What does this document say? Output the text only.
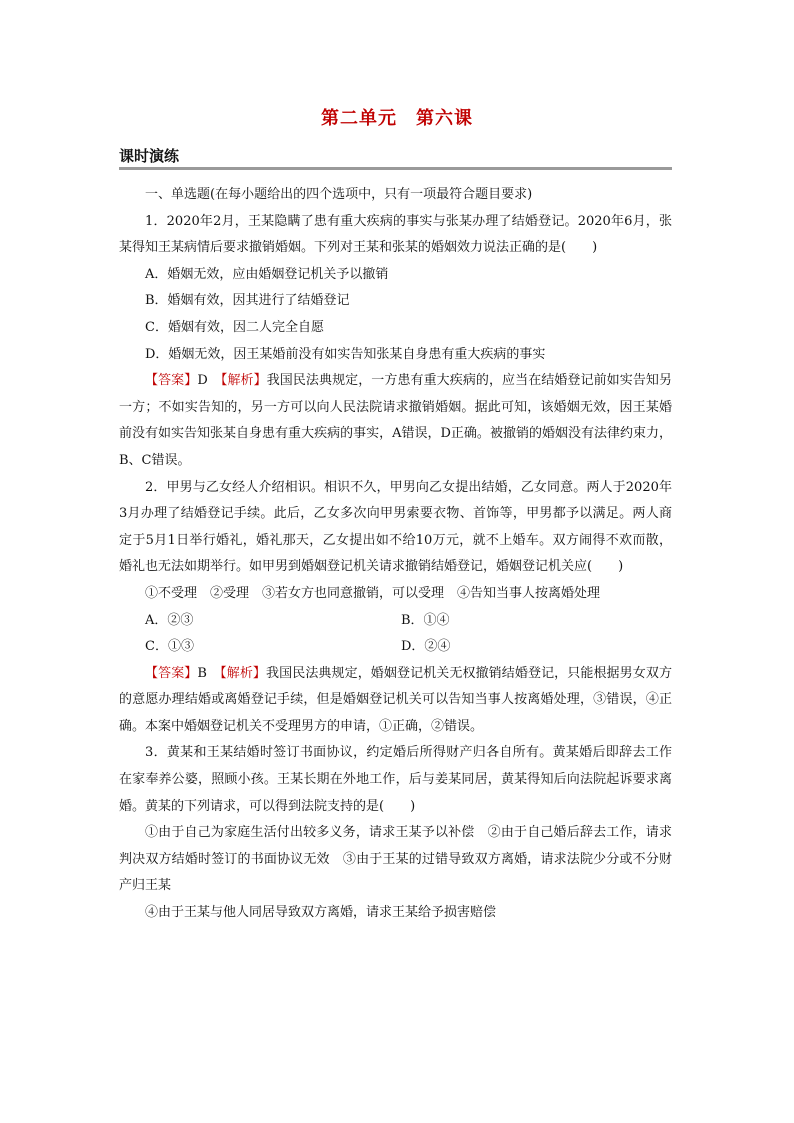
第二单元　第六课
课时演练

一、单选题(在每小题给出的四个选项中，只有一项最符合题目要求)

1．2020年2月，王某隐瞒了患有重大疾病的事实与张某办理了结婚登记。2020年6月，张某得知王某病情后要求撤销婚姻。下列对王某和张某的婚姻效力说法正确的是(　　)

A．婚姻无效，应由婚姻登记机关予以撤销

B．婚姻有效，因其进行了结婚登记

C．婚姻有效，因二人完全自愿

D．婚姻无效，因王某婚前没有如实告知张某自身患有重大疾病的事实

【答案】D　【解析】我国民法典规定，一方患有重大疾病的，应当在结婚登记前如实告知另一方；不如实告知的，另一方可以向人民法院请求撤销婚姻。据此可知，该婚姻无效，因王某婚前没有如实告知张某自身患有重大疾病的事实，A错误，D正确。被撤销的婚姻没有法律约束力，B、C错误。

2．甲男与乙女经人介绍相识。相识不久，甲男向乙女提出结婚，乙女同意。两人于2020年3月办理了结婚登记手续。此后，乙女多次向甲男索要衣物、首饰等，甲男都予以满足。两人商定于5月1日举行婚礼，婚礼那天，乙女提出如不给10万元，就不上婚车。双方闹得不欢而散，婚礼也无法如期举行。如甲男到婚姻登记机关请求撤销结婚登记，婚姻登记机关应(　　)

①不受理　②受理　③若女方也同意撤销，可以受理　④告知当事人按离婚处理

A．②③	B．①④
C．①③	D．②④

【答案】B　【解析】我国民法典规定，婚姻登记机关无权撤销结婚登记，只能根据男女双方的意愿办理结婚或离婚登记手续，但是婚姻登记机关可以告知当事人按离婚处理，③错误，④正确。本案中婚姻登记机关不受理男方的申请，①正确，②错误。

3．黄某和王某结婚时签订书面协议，约定婚后所得财产归各自所有。黄某婚后即辞去工作在家奉养公婆，照顾小孩。王某长期在外地工作，后与姜某同居，黄某得知后向法院起诉要求离婚。黄某的下列请求，可以得到法院支持的是(　　)

①由于自己为家庭生活付出较多义务，请求王某予以补偿　②由于自己婚后辞去工作，请求判决双方结婚时签订的书面协议无效　③由于王某的过错导致双方离婚，请求法院少分或不分财产归王某

④由于王某与他人同居导致双方离婚，请求王某给予损害赔偿
